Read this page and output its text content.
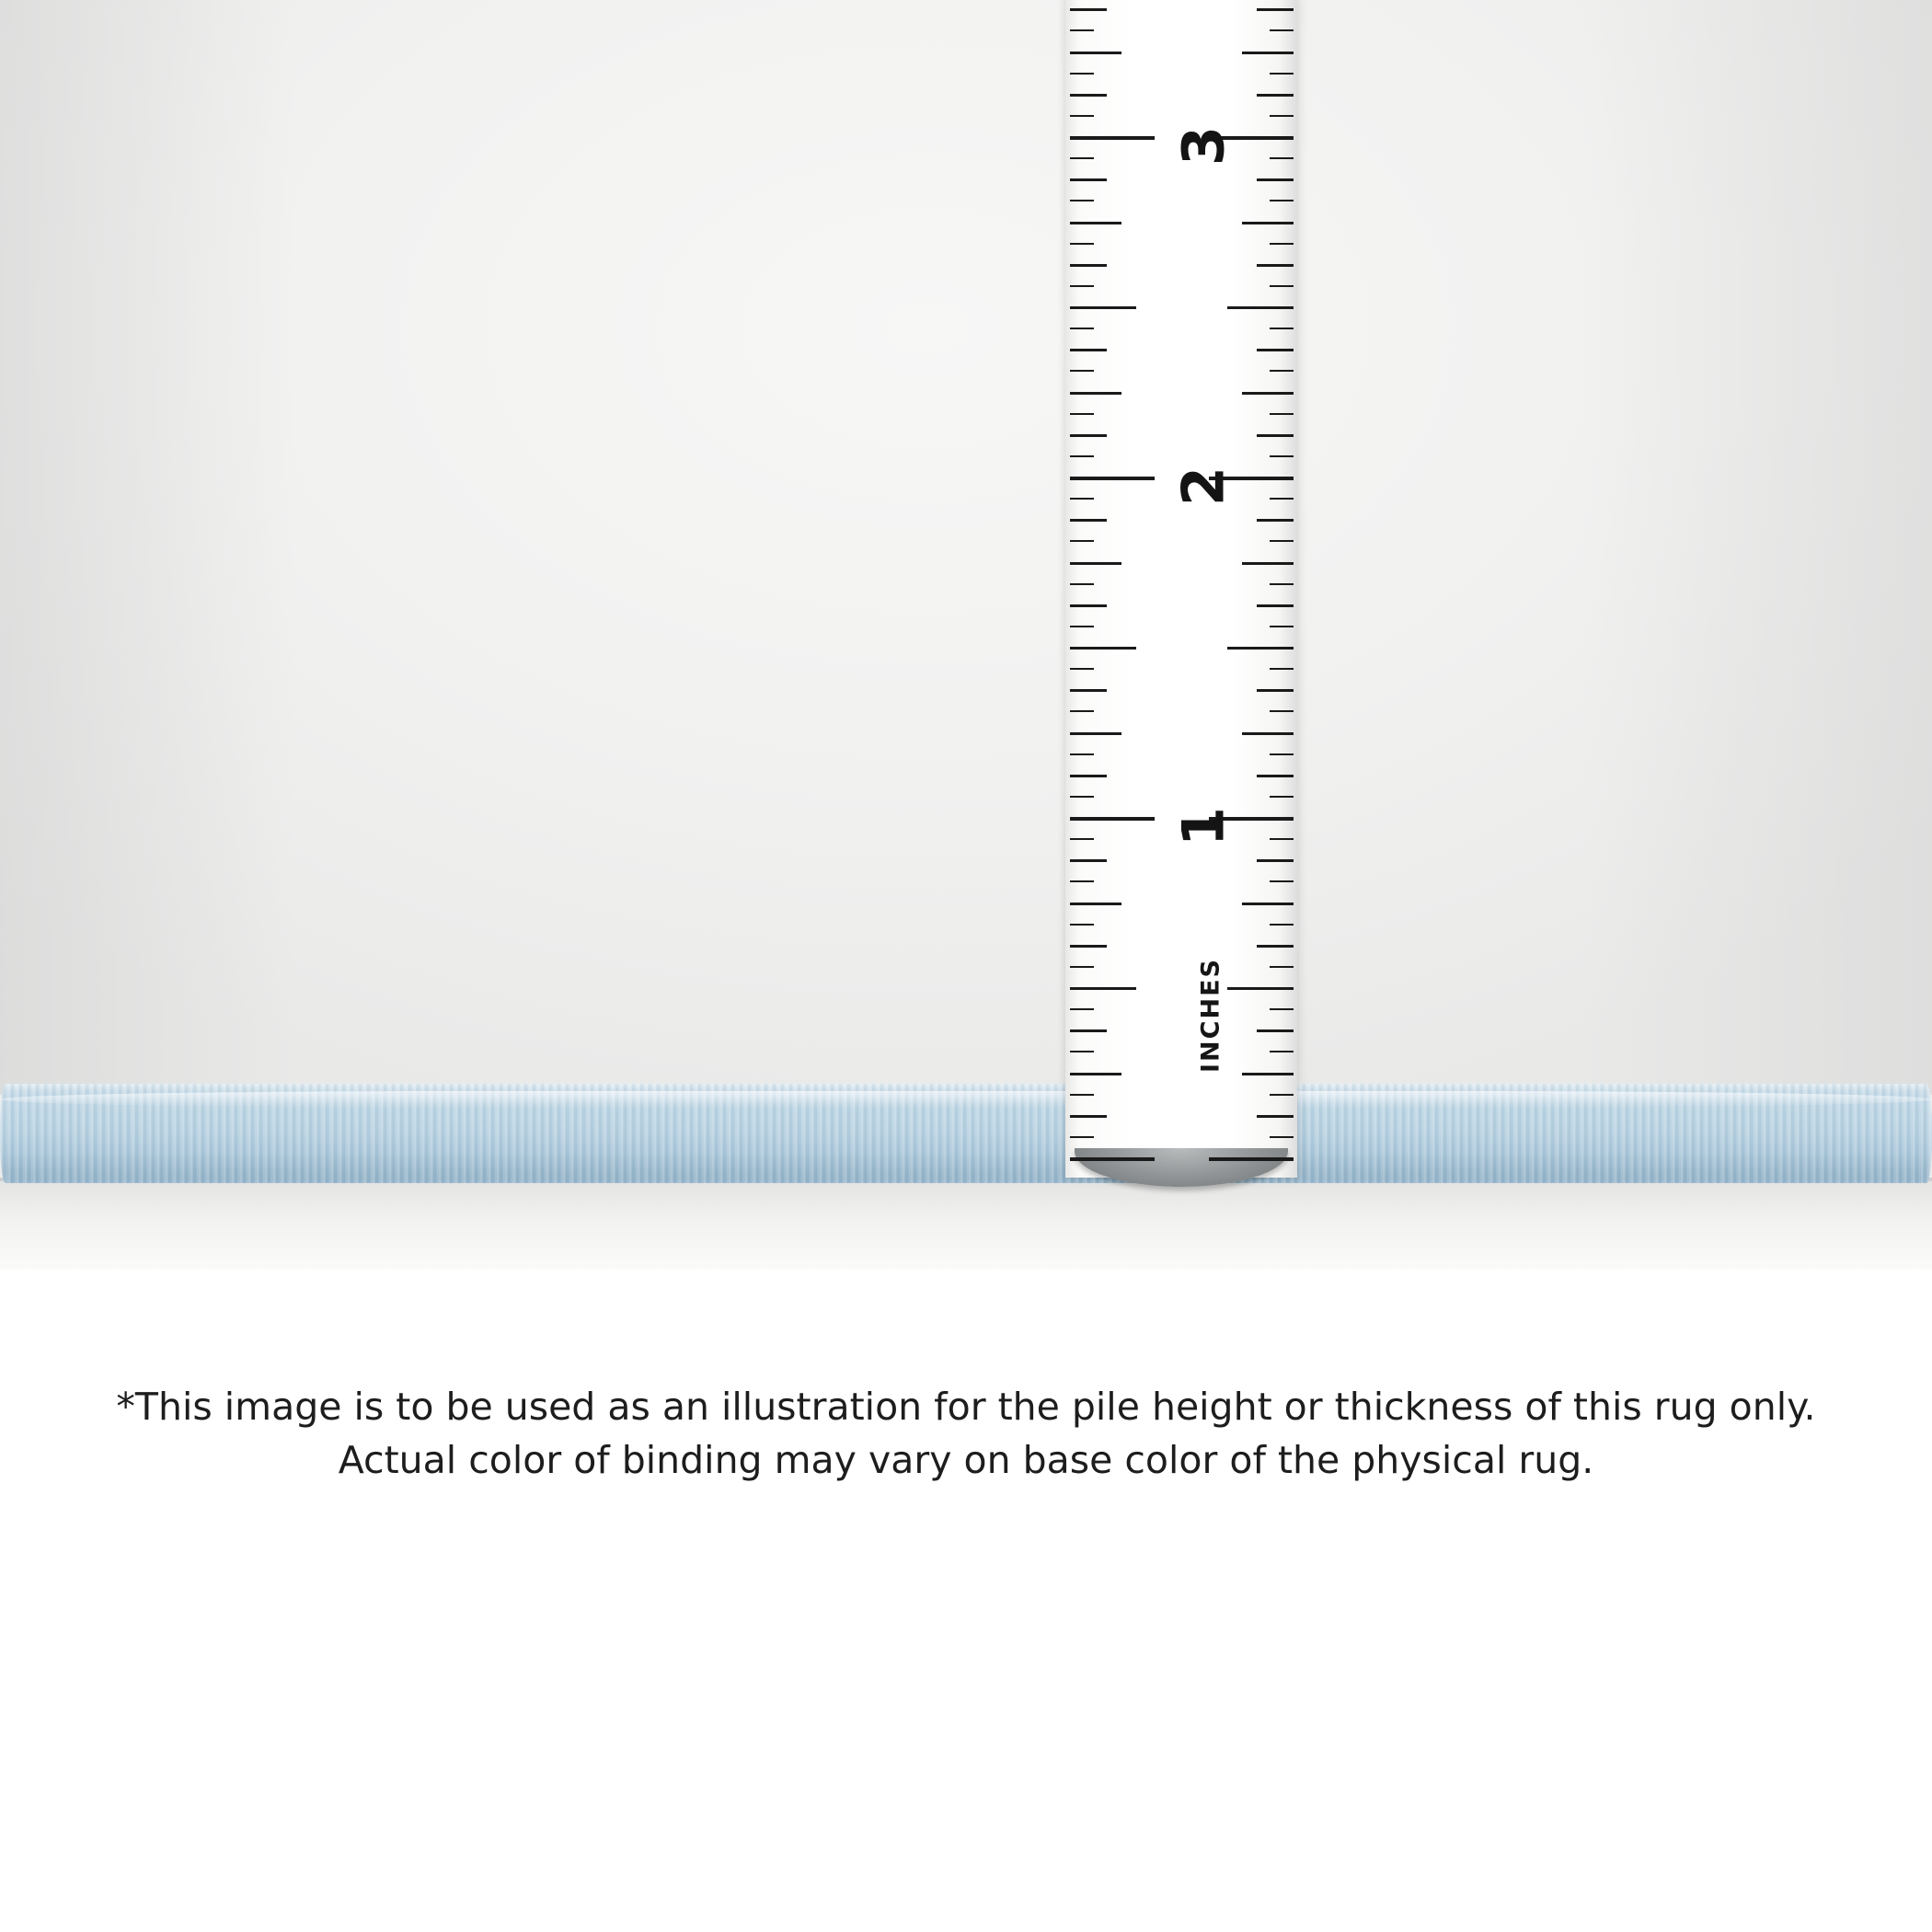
1
2
3
INCHES
*This image is to be used as an illustration for the pile height or thickness of this rug only.
Actual color of binding may vary on base color of the physical rug.
